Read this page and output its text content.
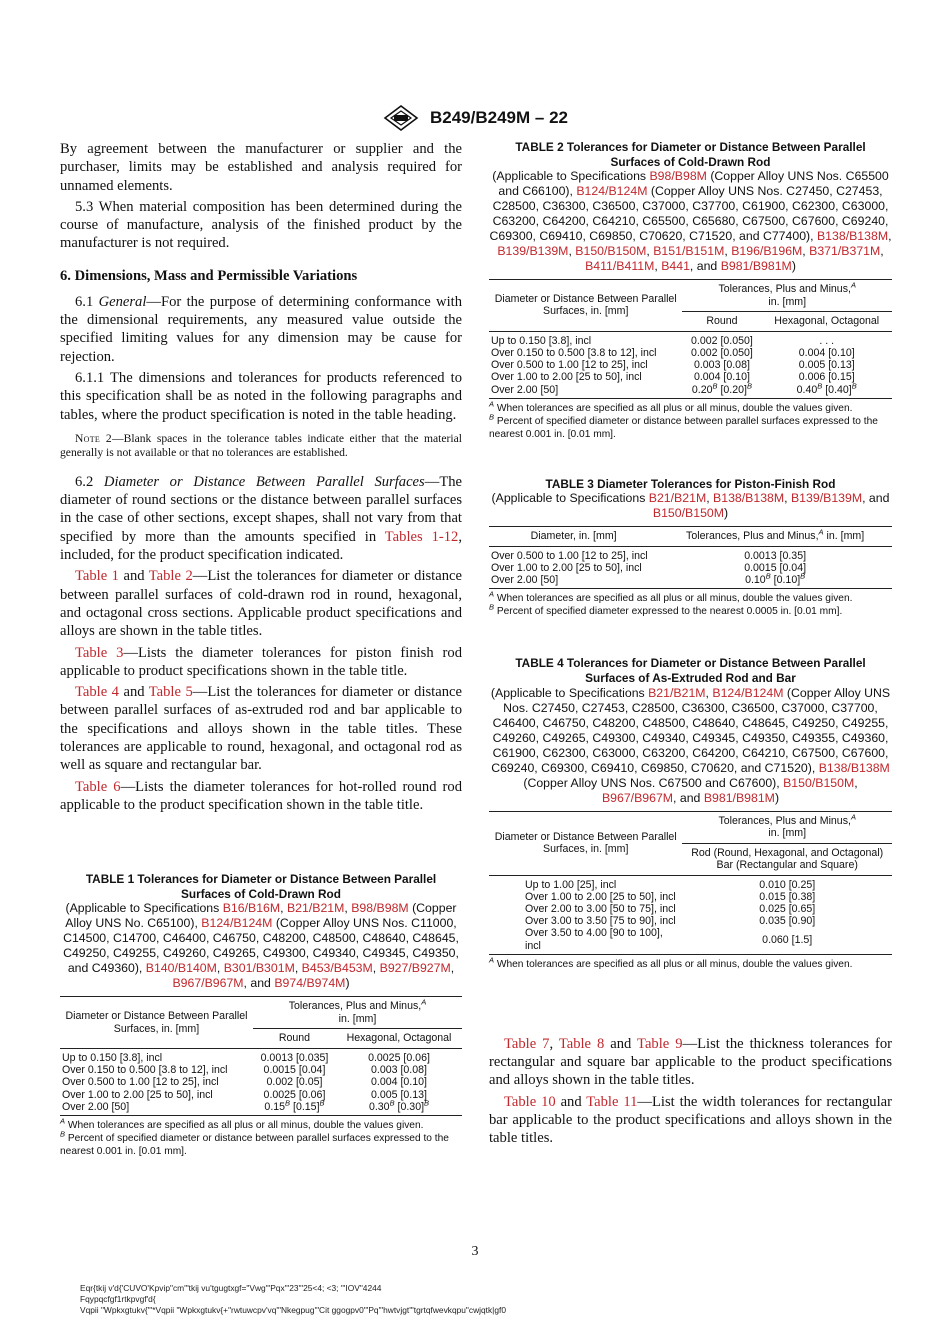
B249/B249M – 22

By agreement between the manufacturer or supplier and the purchaser, limits may be established and analysis required for unnamed elements.

5.3 When material composition has been determined during the course of manufacture, analysis of the finished product by the manufacturer is not required.

6. Dimensions, Mass and Permissible Variations

6.1 General—For the purpose of determining conformance with the dimensional requirements, any measured value outside the specified limiting values for any dimension may be cause for rejection.

6.1.1 The dimensions and tolerances for products referenced to this specification shall be as noted in the following paragraphs and tables, where the product specification is noted in the table heading.

Note 2—Blank spaces in the tolerance tables indicate either that the material generally is not available or that no tolerances are established.

6.2 Diameter or Distance Between Parallel Surfaces—The diameter of round sections or the distance between parallel surfaces in the case of other sections, except shapes, shall not vary from that specified by more than the amounts specified in Tables 1-12, included, for the product specification indicated.

Table 1 and Table 2—List the tolerances for diameter or distance between parallel surfaces of cold-drawn rod in round, hexagonal, and octagonal cross sections. Applicable product specifications and alloys are shown in the table titles.

Table 3—Lists the diameter tolerances for piston finish rod applicable to product specifications shown in the table title.

Table 4 and Table 5—List the tolerances for diameter or distance between parallel surfaces of as-extruded rod and bar applicable to the specifications and alloys shown in the table titles. These tolerances are applicable to round, hexagonal, and octagonal rod as well as square and rectangular bar.

Table 6—Lists the diameter tolerances for hot-rolled round rod applicable to the product specification shown in the table title.

TABLE 1 Tolerances for Diameter or Distance Between Parallel Surfaces of Cold-Drawn Rod
(Applicable to Specifications B16/B16M, B21/B21M, B98/B98M (Copper Alloy UNS No. C65100), B124/B124M (Copper Alloy UNS Nos. C11000, C14500, C14700, C46400, C46750, C48200, C48500, C48640, C48645, C49250, C49255, C49260, C49265, C49300, C49340, C49345, C49350, and C49360), B140/B140M, B301/B301M, B453/B453M, B927/B927M, B967/B967M, and B974/B974M)
Diameter or Distance Between Parallel Surfaces, in. [mm]	Tolerances, Plus and Minus,$^A$
in. [mm]	
	Round	Hexagonal, Octagonal
Up to 0.150 [3.8], incl	0.0013 [0.035]	0.0025 [0.06]
Over 0.150 to 0.500 [3.8 to 12], incl	0.0015 [0.04]	0.003 [0.08]
Over 0.500 to 1.00 [12 to 25], incl	0.002 [0.05]	0.004 [0.10]
Over 1.00 to 2.00 [25 to 50], incl	0.0025 [0.06]	0.005 [0.13]
Over 2.00 [50]	$0.15^B$ $[0.15]^B$	$0.30^B$ $[0.30]^B$
$^A$ When tolerances are specified as all plus or all minus, double the values given.
$^B$ Percent of specified diameter or distance between parallel surfaces expressed to the nearest 0.001 in. [0.01 mm].
TABLE 2 Tolerances for Diameter or Distance Between Parallel Surfaces of Cold-Drawn Rod
(Applicable to Specifications B98/B98M (Copper Alloy UNS Nos. C65500 and C66100), B124/B124M (Copper Alloy UNS Nos. C27450, C27453, C28500, C36300, C36500, C37000, C37700, C61900, C62300, C63000, C63200, C64200, C64210, C65500, C65680, C67500, C67600, C69240, C69300, C69410, C69850, C70620, C71520, and C77400), B138/B138M, B139/B139M, B150/B150M, B151/B151M, B196/B196M, B371/B371M, B411/B411M, B441, and B981/B981M)
Diameter or Distance Between Parallel Surfaces, in. [mm]	Tolerances, Plus and Minus,$^A$
in. [mm]	
	Round	Hexagonal, Octagonal
Up to 0.150 [3.8], incl	0.002 [0.050]	. . .
Over 0.150 to 0.500 [3.8 to 12], incl	0.002 [0.050]	0.004 [0.10]
Over 0.500 to 1.00 [12 to 25], incl	0.003 [0.08]	0.005 [0.13]
Over 1.00 to 2.00 [25 to 50], incl	0.004 [0.10]	0.006 [0.15]
Over 2.00 [50]	$0.20^B$ $[0.20]^B$	$0.40^B$ $[0.40]^B$
$^A$ When tolerances are specified as all plus or all minus, double the values given.
$^B$ Percent of specified diameter or distance between parallel surfaces expressed to the nearest 0.001 in. [0.01 mm].
TABLE 3 Diameter Tolerances for Piston-Finish Rod
(Applicable to Specifications B21/B21M, B138/B138M, B139/B139M, and B150/B150M)
Diameter, in. [mm]	Tolerances, Plus and Minus,$^A$ in. [mm]
Over 0.500 to 1.00 [12 to 25], incl	0.0013 [0.35]
Over 1.00 to 2.00 [25 to 50], incl	0.0015 [0.04]
Over 2.00 [50]	$0.10^B$ $[0.10]^B$
$^A$ When tolerances are specified as all plus or all minus, double the values given.
$^B$ Percent of specified diameter expressed to the nearest 0.0005 in. [0.01 mm].
TABLE 4 Tolerances for Diameter or Distance Between Parallel Surfaces of As-Extruded Rod and Bar
(Applicable to Specifications B21/B21M, B124/B124M (Copper Alloy UNS Nos. C27450, C27453, C28500, C36300, C36500, C37000, C37700, C46400, C46750, C48200, C48500, C48640, C48645, C49250, C49255, C49260, C49265, C49300, C49340, C49345, C49350, C49355, C49360, C61900, C62300, C63000, C63200, C64200, C64210, C67500, C67600, C69240, C69300, C69410, C69850, C70620, and C71520), B138/B138M (Copper Alloy UNS Nos. C67500 and C67600), B150/B150M, B967/B967M, and B981/B981M)
Diameter or Distance Between Parallel Surfaces, in. [mm]	Tolerances, Plus and Minus,$^A$
in. [mm]
	Rod (Round, Hexagonal, and Octagonal) Bar (Rectangular and Square)
Up to 1.00 [25], incl	0.010 [0.25]
Over 1.00 to 2.00 [25 to 50], incl	0.015 [0.38]
Over 2.00 to 3.00 [50 to 75], incl	0.025 [0.65]
Over 3.00 to 3.50 [75 to 90], incl	0.035 [0.90]
Over 3.50 to 4.00 [90 to 100], incl	0.060 [1.5]
$^A$ When tolerances are specified as all plus or all minus, double the values given.

Table 7, Table 8 and Table 9—List the thickness tolerances for rectangular and square bar applicable to the product specifications and alloys shown in the table titles.

Table 10 and Table 11—List the width tolerances for rectangular bar applicable to the product specifications and alloys shown in the table titles.

3
Eqr{tkij v'd{'CUVO'Kpvip"cm'"tkij vu'tgugtxgf="Vwg'"Pqx'"23'"25<4; <3; '"IOV"4244
Fqypqcfgf1rtkpvgf'd{
Vqpii "Wpkxgtukv{'"*Vqpii "Wpkxgtukv{+"rwtuwcpv'vq'"Nkegpug'"Cit ggogpv0'"Pq'"hwtvjgt'"tgrtqfwevkqpu"cwjqtk|gf0
